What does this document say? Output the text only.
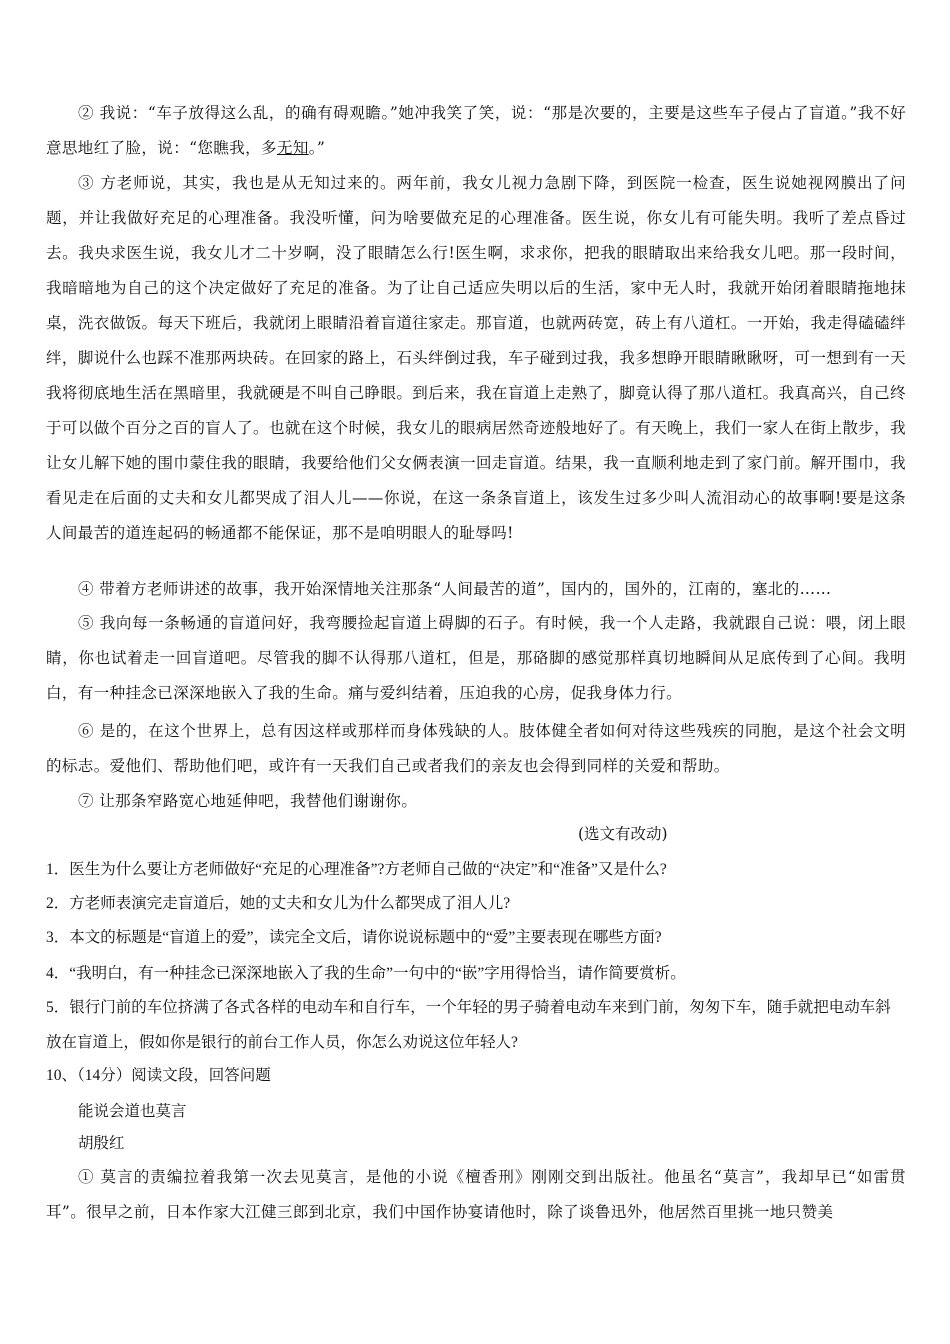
② 我说：“车子放得这么乱，的确有碍观瞻。”她冲我笑了笑，说：“那是次要的，主要是这些车子侵占了盲道。”我不好意思地红了脸，说：“您瞧我，多无知。”

③ 方老师说，其实，我也是从无知过来的。两年前，我女儿视力急剧下降，到医院一检查，医生说她视网膜出了问题，并让我做好充足的心理准备。我没听懂，问为啥要做充足的心理准备。医生说，你女儿有可能失明。我听了差点昏过去。我央求医生说，我女儿才二十岁啊，没了眼睛怎么行!医生啊，求求你，把我的眼睛取出来给我女儿吧。那一段时间，我暗暗地为自己的这个决定做好了充足的准备。为了让自己适应失明以后的生活，家中无人时，我就开始闭着眼睛拖地抹桌，洗衣做饭。每天下班后，我就闭上眼睛沿着盲道往家走。那盲道，也就两砖宽，砖上有八道杠。一开始，我走得磕磕绊绊，脚说什么也踩不准那两块砖。在回家的路上，石头绊倒过我，车子碰到过我，我多想睁开眼睛瞅瞅呀，可一想到有一天我将彻底地生活在黑暗里，我就硬是不叫自己睁眼。到后来，我在盲道上走熟了，脚竟认得了那八道杠。我真高兴，自己终于可以做个百分之百的盲人了。也就在这个时候，我女儿的眼病居然奇迹般地好了。有天晚上，我们一家人在街上散步，我让女儿解下她的围巾蒙住我的眼睛，我要给他们父女俩表演一回走盲道。结果，我一直顺利地走到了家门前。解开围巾，我看见走在后面的丈夫和女儿都哭成了泪人儿——你说，在这一条条盲道上，该发生过多少叫人流泪动心的故事啊!要是这条人间最苦的道连起码的畅通都不能保证，那不是咱明眼人的耻辱吗!

④ 带着方老师讲述的故事，我开始深情地关注那条“人间最苦的道”，国内的，国外的，江南的，塞北的……

⑤ 我向每一条畅通的盲道问好，我弯腰捡起盲道上碍脚的石子。有时候，我一个人走路，我就跟自己说：喂，闭上眼睛，你也试着走一回盲道吧。尽管我的脚不认得那八道杠，但是，那硌脚的感觉那样真切地瞬间从足底传到了心间。我明白，有一种挂念已深深地嵌入了我的生命。痛与爱纠结着，压迫我的心房，促我身体力行。

⑥ 是的，在这个世界上，总有因这样或那样而身体残缺的人。肢体健全者如何对待这些残疾的同胞，是这个社会文明的标志。爱他们、帮助他们吧，或许有一天我们自己或者我们的亲友也会得到同样的关爱和帮助。

⑦ 让那条窄路宽心地延伸吧，我替他们谢谢你。

(选文有改动)

1．医生为什么要让方老师做好“充足的心理准备”?方老师自己做的“决定”和“准备”又是什么?

2．方老师表演完走盲道后，她的丈夫和女儿为什么都哭成了泪人儿?

3．本文的标题是“盲道上的爱”，读完全文后，请你说说标题中的“爱”主要表现在哪些方面?

4．“我明白，有一种挂念已深深地嵌入了我的生命”一句中的“嵌”字用得恰当，请作简要赏析。

5．银行门前的车位挤满了各式各样的电动车和自行车，一个年轻的男子骑着电动车来到门前，匆匆下车，随手就把电动车斜放在盲道上，假如你是银行的前台工作人员，你怎么劝说这位年轻人?

10、（14分）阅读文段，回答问题

能说会道也莫言

胡殷红

① 莫言的责编拉着我第一次去见莫言，是他的小说《檀香刑》刚刚交到出版社。他虽名“莫言”，我却早已“如雷贯耳”。很早之前，日本作家大江健三郎到北京，我们中国作协宴请他时，除了谈鲁迅外，他居然百里挑一地只赞美
